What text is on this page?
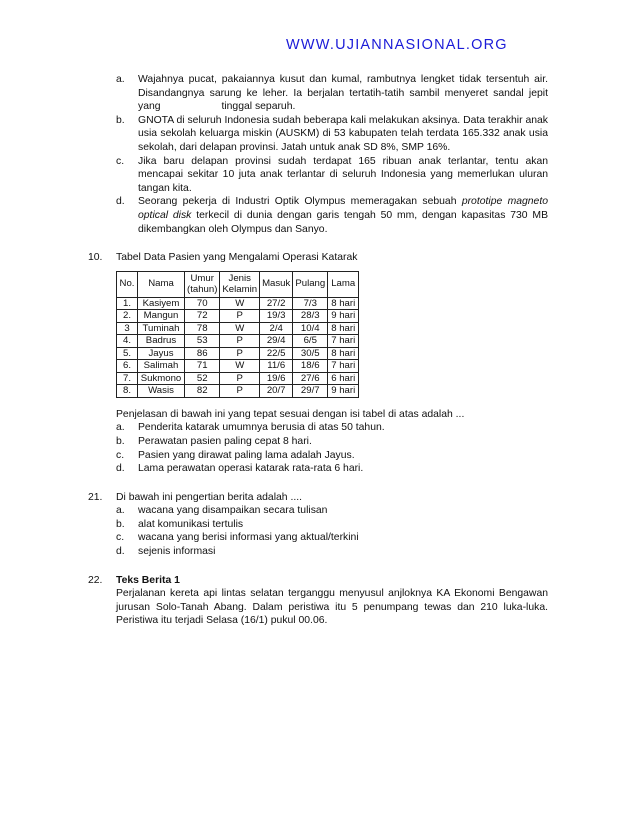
WWW.UJIANNASIONAL.ORG
a. Wajahnya pucat, pakaiannya kusut dan kumal, rambutnya lengket tidak tersentuh air. Disandangnya sarung ke leher. Ia berjalan tertatih-tatih sambil menyeret sandal jepit yang	tinggal separuh.
b. GNOTA di seluruh Indonesia sudah beberapa kali melakukan aksinya. Data terakhir anak usia sekolah keluarga miskin (AUSKM) di 53 kabupaten telah terdata 165.332 anak usia sekolah, dari delapan provinsi. Jatah untuk anak SD 8%, SMP 16%.
c. Jika baru delapan provinsi sudah terdapat 165 ribuan anak terlantar, tentu akan mencapai sekitar 10 juta anak terlantar di seluruh Indonesia yang memerlukan uluran tangan kita.
d. Seorang pekerja di Industri Optik Olympus memeragakan sebuah prototipe magneto optical disk terkecil di dunia dengan garis tengah 50 mm, dengan kapasitas 730 MB dikembangkan oleh Olympus dan Sanyo.
10. Tabel Data Pasien yang Mengalami Operasi Katarak
No.	Nama	Umur (tahun)	Jenis Kelamin	Masuk	Pulang	Lama
1.	Kasiyem	70	W	27/2	7/3	8 hari
2.	Mangun	72	P	19/3	28/3	9 hari
3	Tuminah	78	W	2/4	10/4	8 hari
4.	Badrus	53	P	29/4	6/5	7 hari
5.	Jayus	86	P	22/5	30/5	8 hari
6.	Salimah	71	W	11/6	18/6	7 hari
7.	Sukmono	52	P	19/6	27/6	6 hari
8.	Wasis	82	P	20/7	29/7	9 hari
Penjelasan di bawah ini yang tepat sesuai dengan isi tabel di atas adalah ...
a. Penderita katarak umumnya berusia di atas 50 tahun.
b. Perawatan pasien paling cepat 8 hari.
c. Pasien yang dirawat paling lama adalah Jayus.
d. Lama perawatan operasi katarak rata-rata 6 hari.
21. Di bawah ini pengertian berita adalah ....
a. wacana yang disampaikan secara tulisan
b. alat komunikasi tertulis
c. wacana yang berisi informasi yang aktual/terkini
d. sejenis informasi
22. Teks Berita 1
Perjalanan kereta api lintas selatan terganggu menyusul anjloknya KA Ekonomi Bengawan jurusan Solo-Tanah Abang. Dalam peristiwa itu 5 penumpang tewas dan 210 luka-luka. Peristiwa itu terjadi Selasa (16/1) pukul 00.06.
